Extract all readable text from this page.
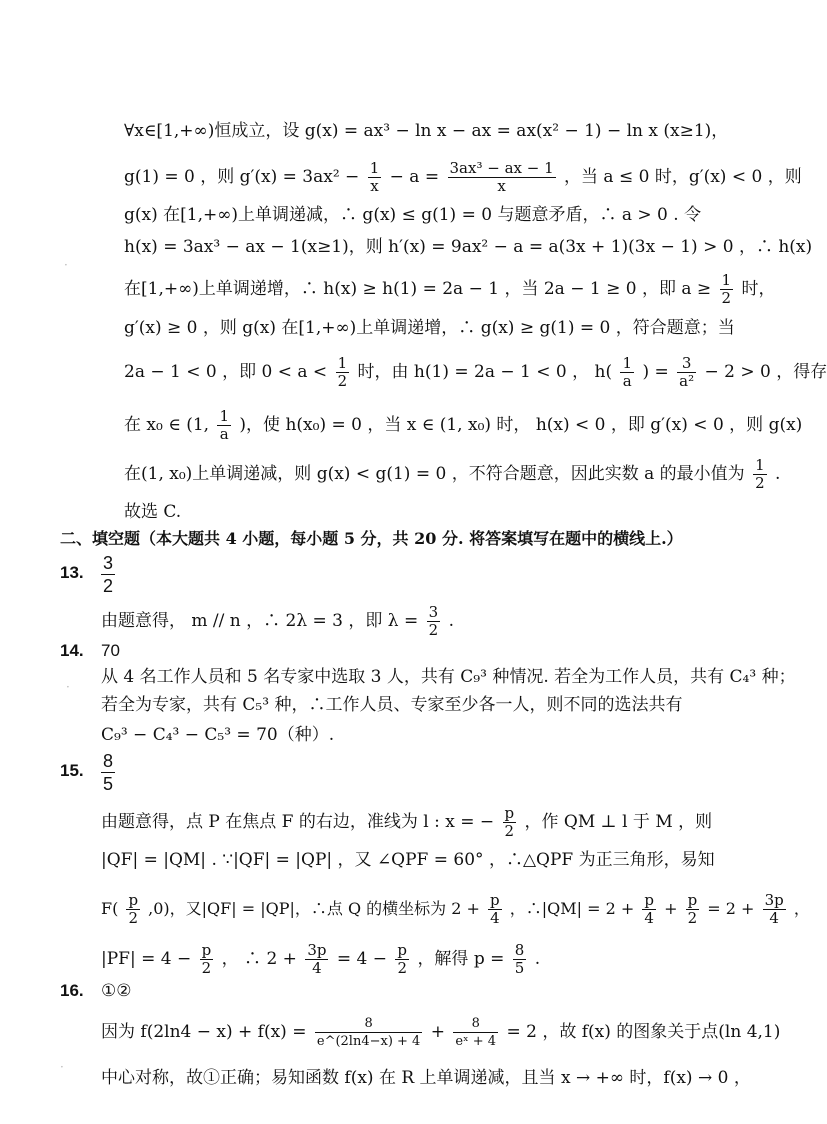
∀x∈[1,+∞)恒成立，设 g(x) = ax³ − ln x − ax = ax(x² − 1) − ln x (x≥1)，
g(1) = 0 ，则 $g'(x) = 3ax^2 - \frac{1}{x} - a = \frac{\text{3ax³ − ax − 1}}{x}$ ，当 a ≤ 0 时，g′(x) < 0 ，则
g(x) 在[1,+∞)上单调递减，∴ g(x) ≤ g(1) = 0 与题意矛盾，∴ a > 0 . 令
h(x) = 3ax³ − ax − 1(x≥1)，则 h′(x) = 9ax² − a = a(3x + 1)(3x − 1) > 0 ，∴ h(x)
在[1,+∞)上单调递增，∴ h(x) ≥ h(1) = 2a − 1 ，当 2a − 1 ≥ 0 ，即 $a \ge \frac{1}{2}$ 时，
g′(x) ≥ 0 ，则 g(x) 在[1,+∞)上单调递增，∴ g(x) ≥ g(1) = 0 ，符合题意；当
2a − 1 < 0 ，即 $0 < a < \frac{1}{2}$ 时，由 h(1) = 2a − 1 < 0 ， $h( \frac{1}{a}$ ) = $\frac{3}{\text{a²}} - 2 > 0$ ，得存
在 x₀ ∈ (1, $\frac{1}{a}$ )，使 h(x₀) = 0 ，当 x ∈ (1, x₀) 时， h(x) < 0 ，即 g′(x) < 0 ，则 g(x)
在(1, x₀)上单调递减，则 g(x) < g(1) = 0 ，不符合题意，因此实数 a 的最小值为 $\frac{1}{2}$ .
故选 C.
二、填空题（本大题共 4 小题，每小题 5 分，共 20 分. 将答案填写在题中的横线上.）
13. $\frac{3}{2}$
由题意得， m // n ，∴ 2λ = 3 ，即 $\lambda = \frac{3}{2}$ .
14. 70
从 4 名工作人员和 5 名专家中选取 3 人，共有 C₉³ 种情况. 若全为工作人员，共有 C₄³ 种；
若全为专家，共有 C₅³ 种，∴工作人员、专家至少各一人，则不同的选法共有
C₉³ − C₄³ − C₅³ = 70（种）.
15. $\frac{8}{5}$
由题意得，点 P 在焦点 F 的右边，准线为 l : x = − $\frac{p}{2}$ ，作 QM ⊥ l 于 M ，则
|QF| = |QM| . ∵|QF| = |QP| ，又 ∠QPF = 60° ，∴△QPF 为正三角形，易知
$F( \frac{p}{2} ,0)$，又|QF| = |QP|，∴点 Q 的横坐标为 $2 + \frac{p}{4}$ ，∴|QM| = $2 + \frac{p}{4} + \frac{p}{2} = 2 + \frac{3p}{4}$ ，
$|PF| = 4 - \frac{p}{2}$ ， ∴ $2 + \frac{3p}{4} = 4 - \frac{p}{2}$ ，解得 $p = \frac{8}{5}$ .
16. ①②
因为 $f(2\ln 4 - x) + f(x) = \frac{8}{e\^{}(2\ln 4-x) + 4} + \frac{8}{\text{eˣ + 4}} = 2$ ，故 f(x) 的图象关于点(ln 4,1)
中心对称，故①正确；易知函数 f(x) 在 R 上单调递减，且当 x → +∞ 时，f(x) → 0 ，
·
·
·
